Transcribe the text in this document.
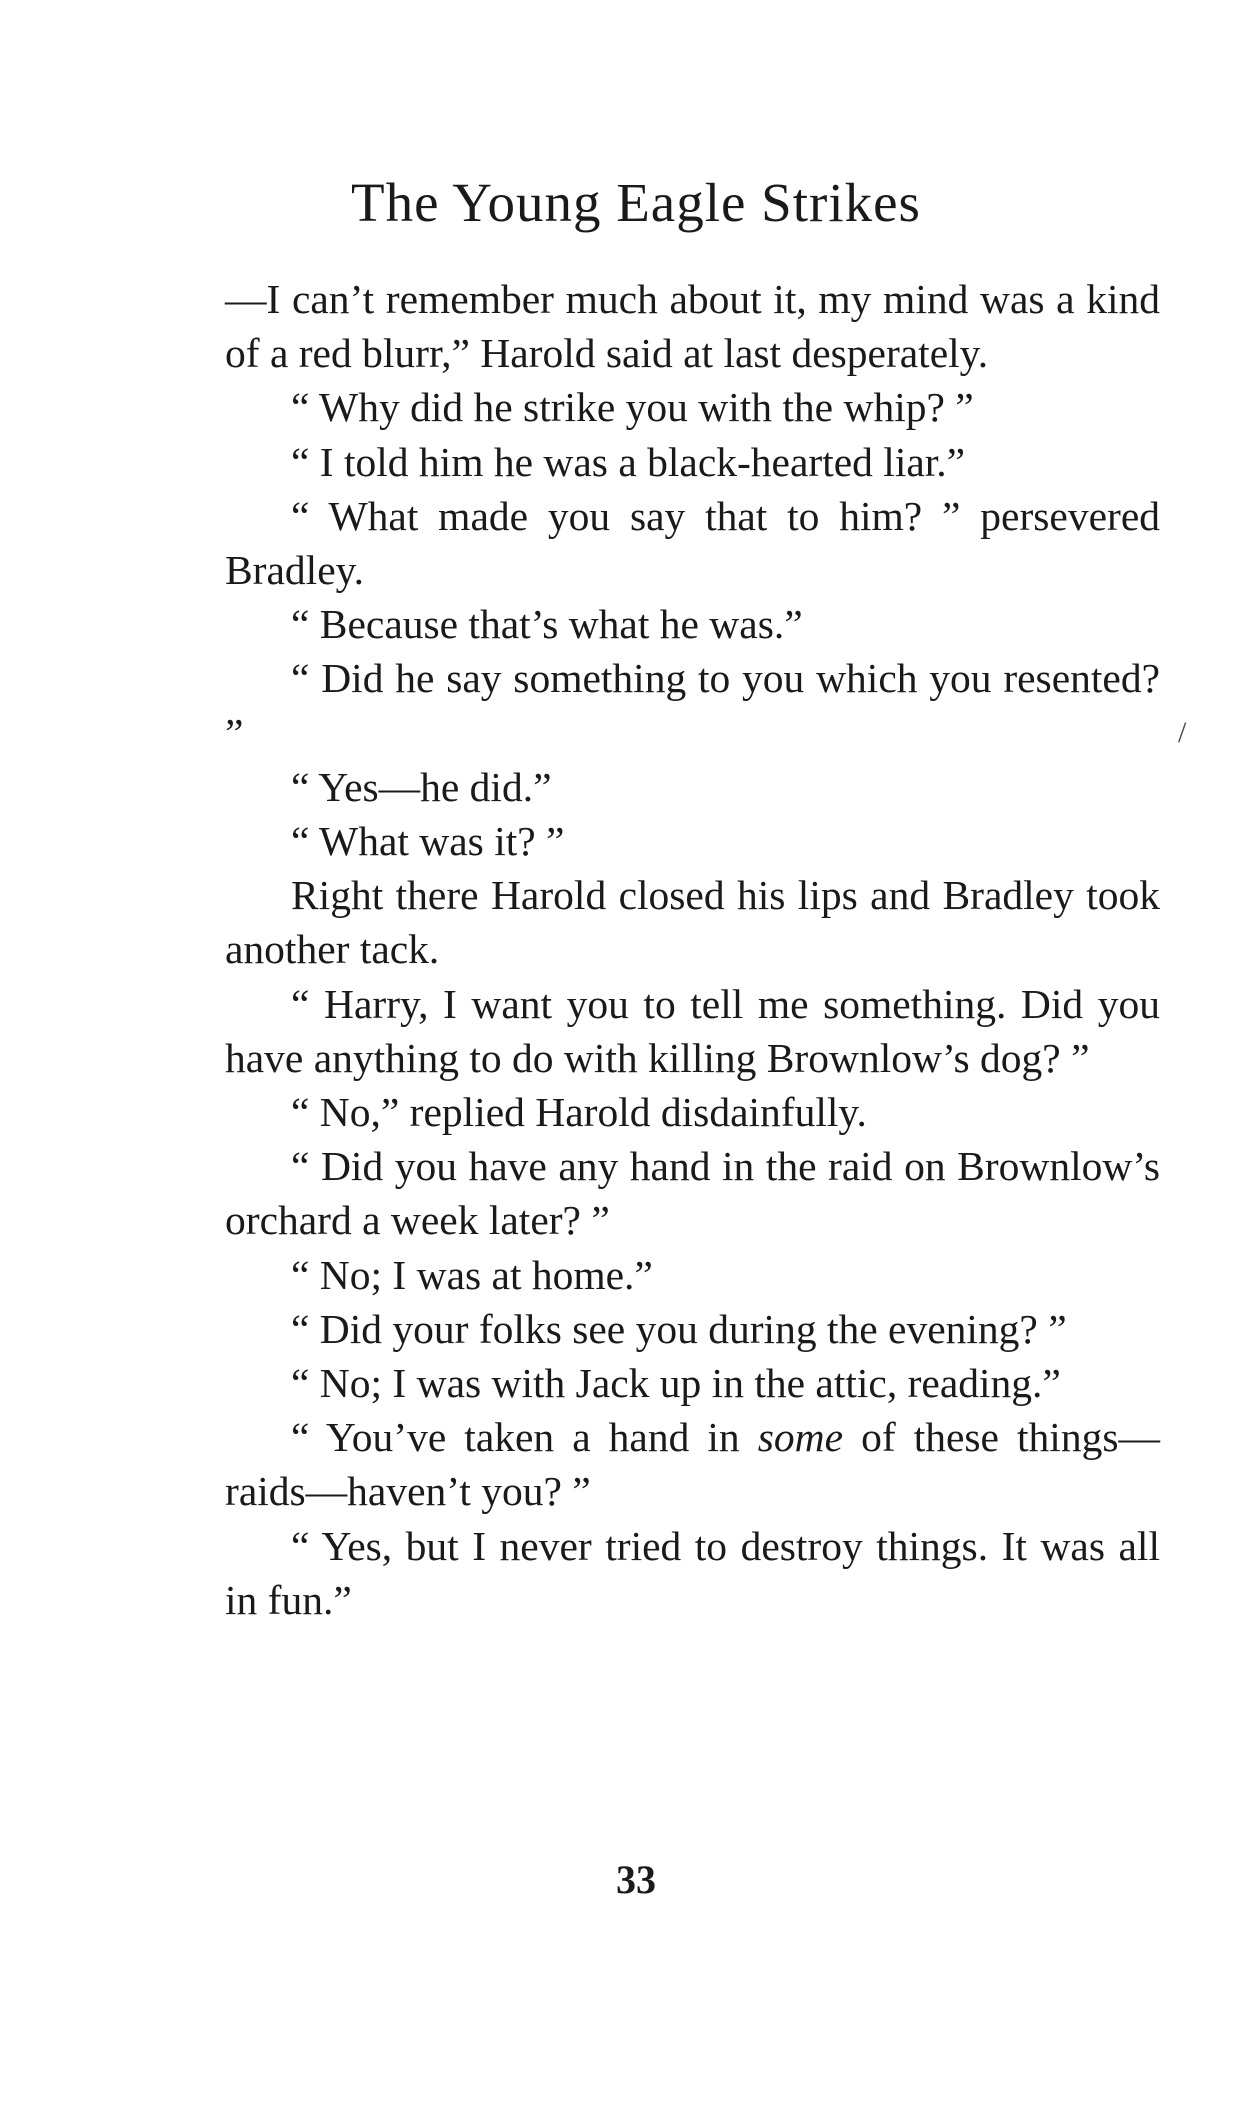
The Young Eagle Strikes

—I can’t remember much about it, my mind was a kind of a red blurr,” Harold said at last desperately.

“ Why did he strike you with the whip? ”

“ I told him he was a black-hearted liar.”

“ What made you say that to him? ” persevered Bradley.

“ Because that’s what he was.”

“ Did he say something to you which you resented? ”

“ Yes—he did.”

“ What was it? ”

Right there Harold closed his lips and Bradley took another tack.

“ Harry, I want you to tell me something. Did you have anything to do with killing Brownlow’s dog? ”

“ No,” replied Harold disdainfully.

“ Did you have any hand in the raid on Brownlow’s orchard a week later? ”

“ No; I was at home.”

“ Did your folks see you during the evening? ”

“ No; I was with Jack up in the attic, reading.”

“ You’ve taken a hand in some of these things—raids—haven’t you? ”

“ Yes, but I never tried to destroy things. It was all in fun.”

33
/
